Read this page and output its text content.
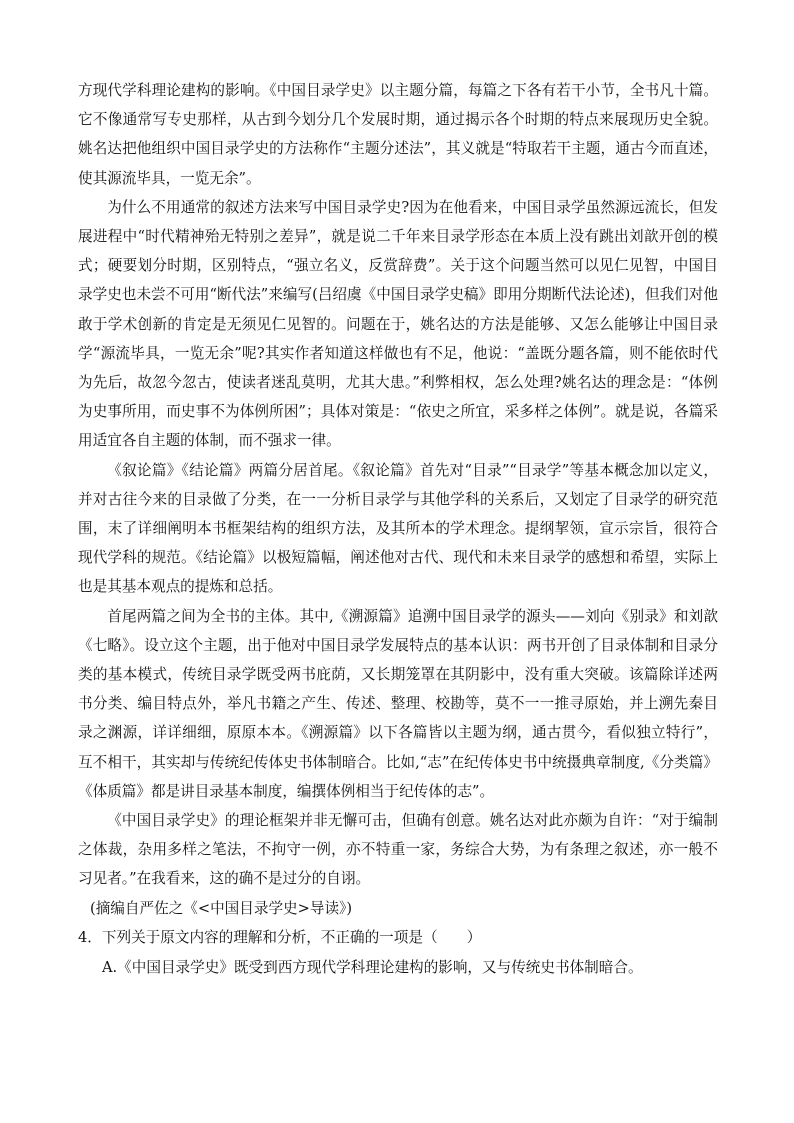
方现代学科理论建构的影响。《中国目录学史》以主题分篇，每篇之下各有若干小节，全书凡十篇。它不像通常写专史那样，从古到今划分几个发展时期，通过揭示各个时期的特点来展现历史全貌。姚名达把他组织中国目录学史的方法称作“主题分述法”，其义就是“特取若干主题，通古今而直述，使其源流毕具，一览无余”。

为什么不用通常的叙述方法来写中国目录学史?因为在他看来，中国目录学虽然源远流长，但发展进程中“时代精神殆无特别之差异”，就是说二千年来目录学形态在本质上没有跳出刘歆开创的模式；硬要划分时期，区别特点，“强立名义，反赏辞费”。关于这个问题当然可以见仁见智，中国目录学史也未尝不可用“断代法”来编写(吕绍虞《中国目录学史稿》即用分期断代法论述)，但我们对他敢于学术创新的肯定是无须见仁见智的。问题在于，姚名达的方法是能够、又怎么能够让中国目录学“源流毕具，一览无余”呢?其实作者知道这样做也有不足，他说：“盖既分题各篇，则不能依时代为先后，故忽今忽古，使读者迷乱莫明，尤其大患。”利弊相权，怎么处理?姚名达的理念是：“体例为史事所用，而史事不为体例所困”；具体对策是：“依史之所宜，采多样之体例”。就是说，各篇采用适宜各自主题的体制，而不强求一律。

《叙论篇》《结论篇》两篇分居首尾。《叙论篇》首先对“目录”“目录学”等基本概念加以定义，并对古往今来的目录做了分类，在一一分析目录学与其他学科的关系后，又划定了目录学的研究范围，末了详细阐明本书框架结构的组织方法，及其所本的学术理念。提纲挈领，宣示宗旨，很符合现代学科的规范。《结论篇》以极短篇幅，阐述他对古代、现代和未来目录学的感想和希望，实际上也是其基本观点的提炼和总括。

首尾两篇之间为全书的主体。其中,《溯源篇》追溯中国目录学的源头——刘向《别录》和刘歆《七略》。设立这个主题，出于他对中国目录学发展特点的基本认识：两书开创了目录体制和目录分类的基本模式，传统目录学既受两书庇荫，又长期笼罩在其阴影中，没有重大突破。该篇除详述两书分类、编目特点外，举凡书籍之产生、传述、整理、校勘等，莫不一一推寻原始，并上溯先秦目录之渊源，详详细细，原原本本。《溯源篇》以下各篇皆以主题为纲，通古贯今，看似独立特行”，互不相干，其实却与传统纪传体史书体制暗合。比如,“志”在纪传体史书中统摄典章制度,《分类篇》《体质篇》都是讲目录基本制度，编撰体例相当于纪传体的志”。

《中国目录学史》的理论框架并非无懈可击，但确有创意。姚名达对此亦颇为自许：“对于编制之体裁，杂用多样之笔法，不拘守一例，亦不特重一家，务综合大势，为有条理之叙述，亦一般不习见者。”在我看来，这的确不是过分的自诩。

(摘编自严佐之《<中国目录学史>导读》)

4．下列关于原文内容的理解和分析，不正确的一项是（　　）

A.《中国目录学史》既受到西方现代学科理论建构的影响，又与传统史书体制暗合。
